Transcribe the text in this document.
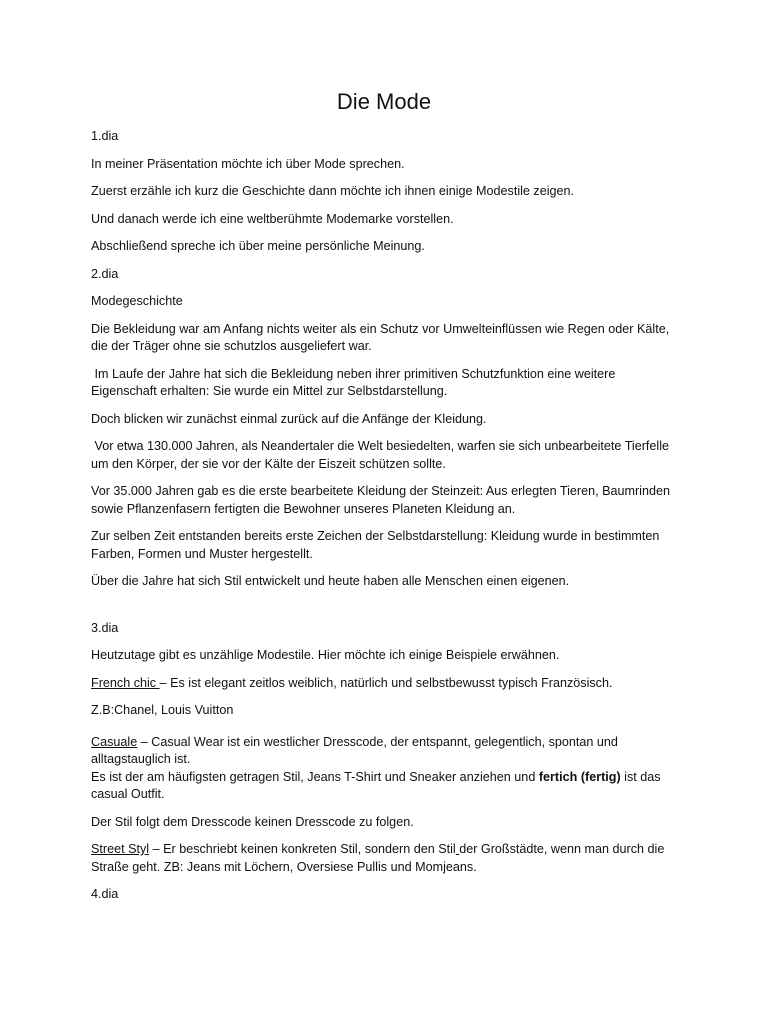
Die Mode

1.dia

In meiner Präsentation möchte ich über Mode sprechen.

Zuerst erzähle ich kurz die Geschichte dann möchte ich ihnen einige Modestile zeigen.

Und danach werde ich eine weltberühmte Modemarke vorstellen.

Abschließend spreche ich über meine persönliche Meinung.

2.dia

Modegeschichte

Die Bekleidung war am Anfang nichts weiter als ein Schutz vor Umwelteinflüssen wie Regen oder Kälte, die der Träger ohne sie schutzlos ausgeliefert war.

Im Laufe der Jahre hat sich die Bekleidung neben ihrer primitiven Schutzfunktion eine weitere Eigenschaft erhalten: Sie wurde ein Mittel zur Selbstdarstellung.

Doch blicken wir zunächst einmal zurück auf die Anfänge der Kleidung.

Vor etwa 130.000 Jahren, als Neandertaler die Welt besiedelten, warfen sie sich unbearbeitete Tierfelle um den Körper, der sie vor der Kälte der Eiszeit schützen sollte.

Vor 35.000 Jahren gab es die erste bearbeitete Kleidung der Steinzeit: Aus erlegten Tieren, Baumrinden sowie Pflanzenfasern fertigten die Bewohner unseres Planeten Kleidung an.

Zur selben Zeit entstanden bereits erste Zeichen der Selbstdarstellung: Kleidung wurde in bestimmten Farben, Formen und Muster hergestellt.

Über die Jahre hat sich Stil entwickelt und heute haben alle Menschen einen eigenen.

3.dia

Heutzutage gibt es unzählige Modestile. Hier möchte ich einige Beispiele erwähnen.

French chic – Es ist elegant zeitlos weiblich, natürlich und selbstbewusst typisch Französisch.

Z.B:Chanel, Louis Vuitton

Casuale – Casual Wear ist ein westlicher Dresscode, der entspannt, gelegentlich, spontan und alltagstauglich ist.

Es ist der am häufigsten getragen Stil, Jeans T-Shirt und Sneaker anziehen und fertich (fertig) ist das casual Outfit.

Der Stil folgt dem Dresscode keinen Dresscode zu folgen.

Street Styl – Er beschriebt keinen konkreten Stil, sondern den Stil der Großstädte, wenn man durch die Straße geht. ZB: Jeans mit Löchern, Oversiese Pullis und Momjeans.

4.dia
